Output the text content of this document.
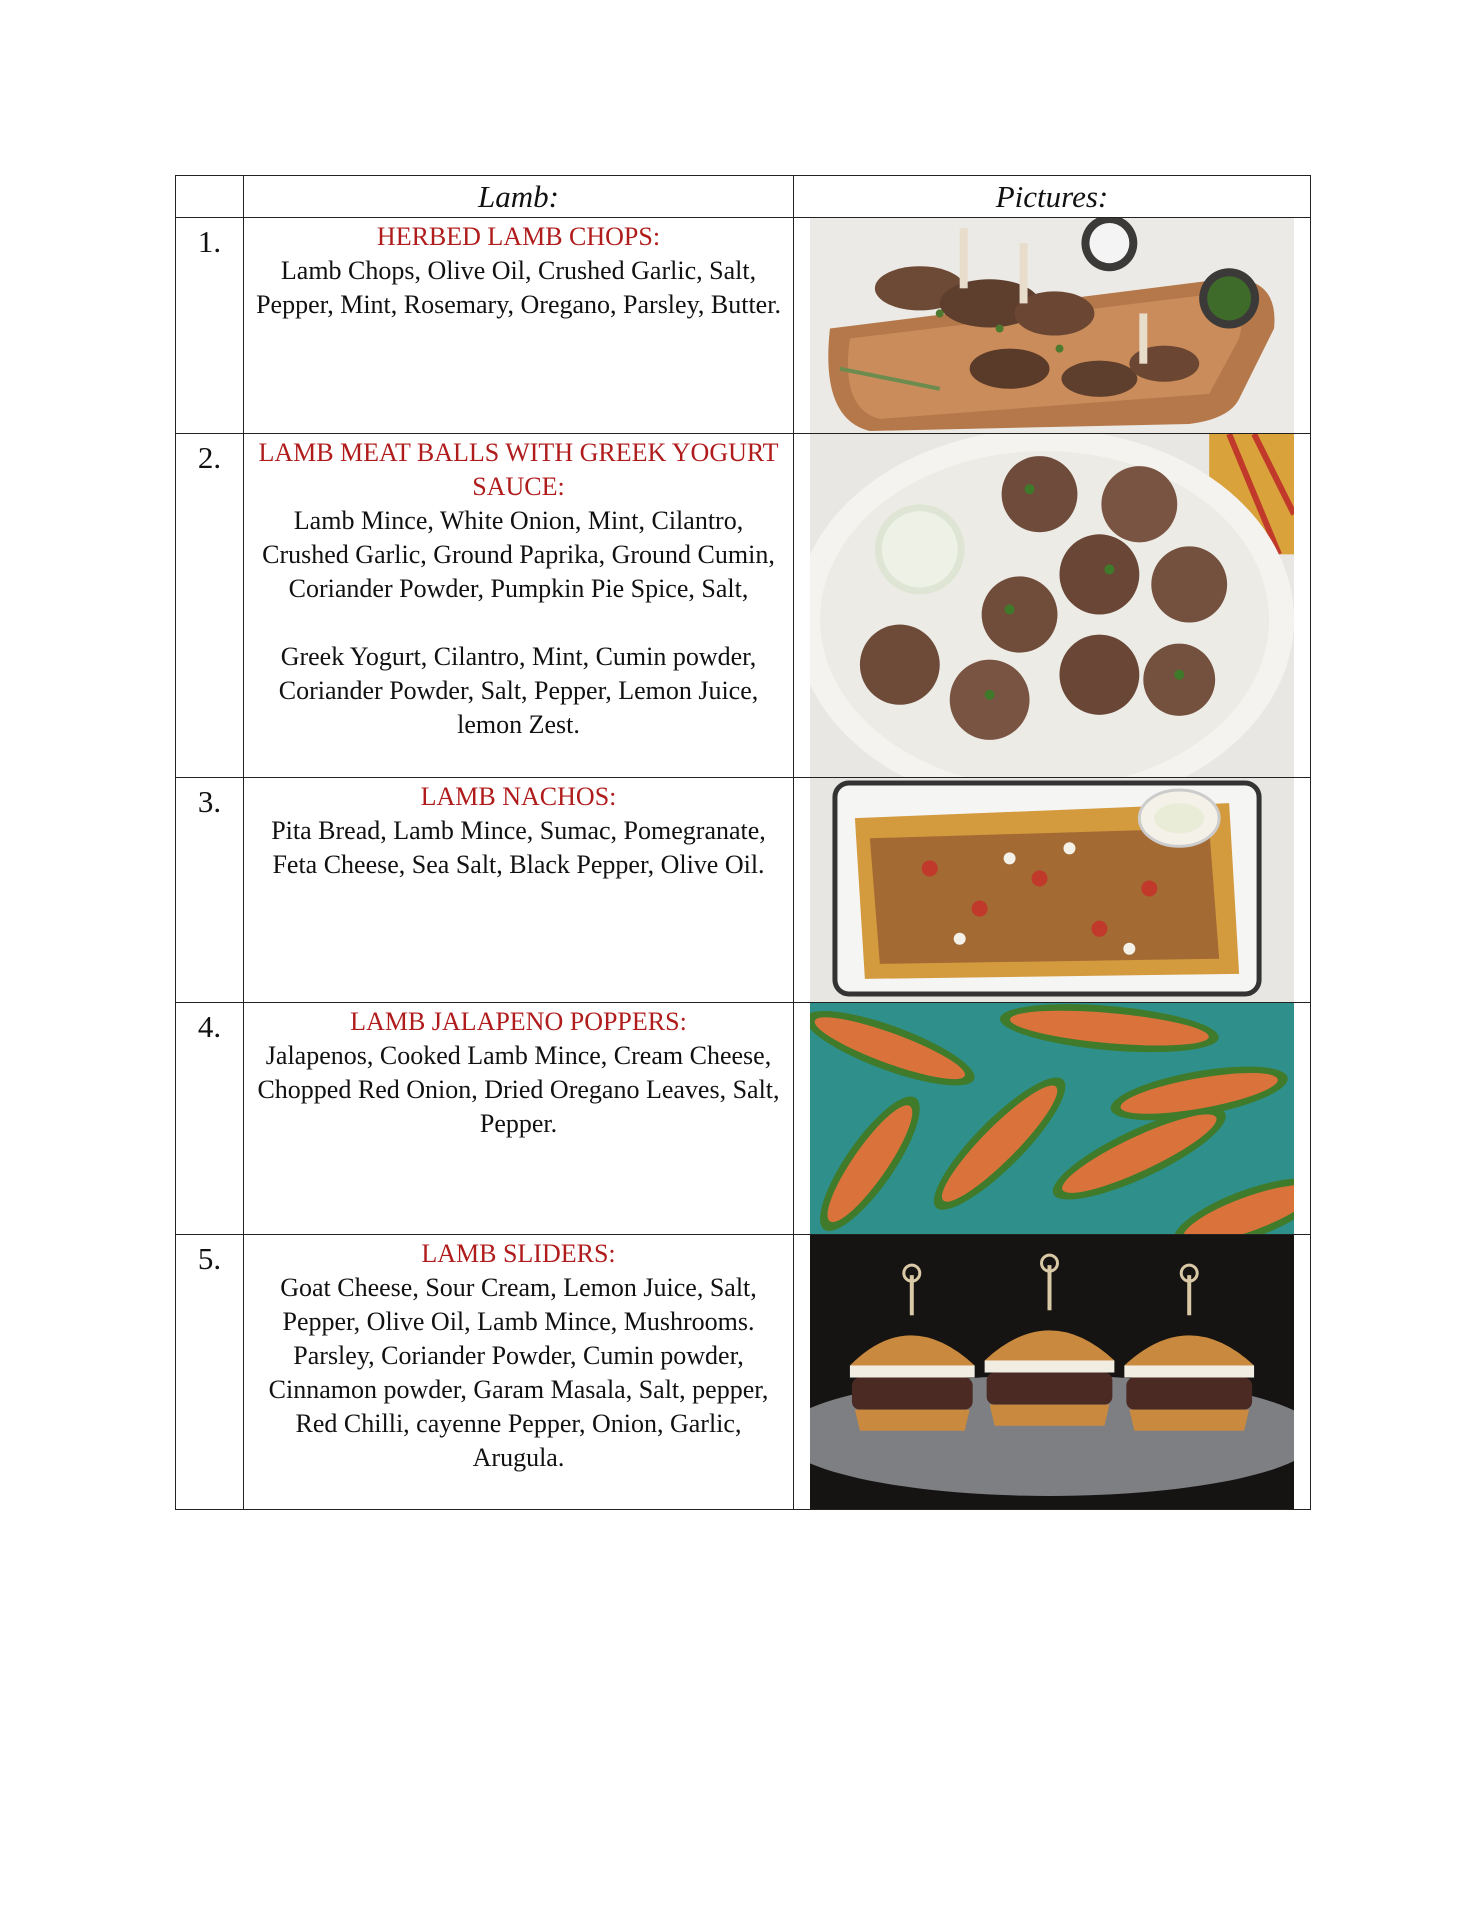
	Lamb:	Pictures:
1.	HERBED LAMB CHOPS:
Lamb Chops, Olive Oil, Crushed Garlic, Salt, Pepper, Mint, Rosemary, Oregano, Parsley, Butter.

2.	LAMB MEAT BALLS WITH GREEK YOGURT SAUCE:
Lamb Mince, White Onion, Mint, Cilantro, Crushed Garlic, Ground Paprika, Ground Cumin, Coriander Powder, Pumpkin Pie Spice, Salt,

Greek Yogurt, Cilantro, Mint, Cumin powder, Coriander Powder, Salt, Pepper, Lemon Juice, lemon Zest.

3.	LAMB NACHOS:
Pita Bread, Lamb Mince, Sumac, Pomegranate, Feta Cheese, Sea Salt, Black Pepper, Olive Oil.

4.	LAMB JALAPENO POPPERS:
Jalapenos, Cooked Lamb Mince, Cream Cheese, Chopped Red Onion, Dried Oregano Leaves, Salt, Pepper.

5.	LAMB SLIDERS:
Goat Cheese, Sour Cream, Lemon Juice, Salt, Pepper, Olive Oil, Lamb Mince, Mushrooms. Parsley, Coriander Powder, Cumin powder, Cinnamon powder, Garam Masala, Salt, pepper, Red Chilli, cayenne Pepper, Onion, Garlic, Arugula.
